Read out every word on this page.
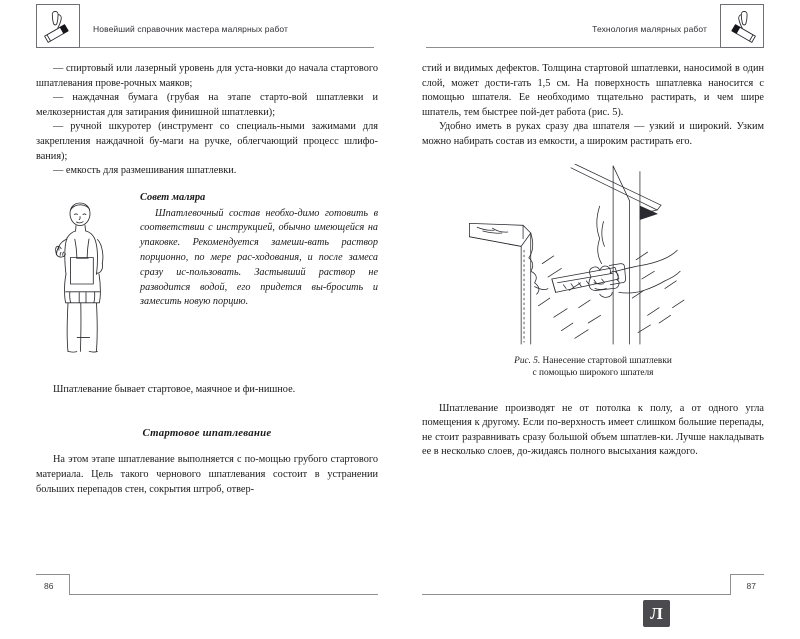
Новейший справочник мастера малярных работ

— спиртовый или лазерный уровень для уста-новки до начала стартового шпатлевания прове-рочных маяков;

— наждачная бумага (грубая на этапе старто-вой шпатлевки и мелкозернистая для затирания финишной шпатлевки);

— ручной шкуротер (инструмент со специаль-ными зажимами для закрепления наждачной бу-маги на ручке, облегчающий процесс шлифо-вания);

— емкость для размешивания шпатлевки.

Совет маляра

Шпатлевочный состав необхо-димо готовить в соответствии с инструкцией, обычно имеющейся на упаковке. Рекомендуется замеши-вать раствор порционно, по мере рас-ходования, и после замеса сразу ис-пользовать. Застывший раствор не разводится водой, его придется вы-бросить и замесить новую порцию.

Шпатлевание бывает стартовое, маячное и фи-нишное.

Стартовое шпатлевание

На этом этапе шпатлевание выполняется с по-мощью грубого стартового материала. Цель такого чернового шпатлевания состоит в устранении больших перепадов стен, сокрытия штроб, отвер-

86
Технология малярных работ

стий и видимых дефектов. Толщина стартовой шпатлевки, наносимой в один слой, может дости-гать 1,5 см. На поверхность шпатлевка наносится с помощью шпателя. Ее необходимо тщательно растирать, и чем шире шпатель, тем быстрее пой-дет работа (рис. 5).

Удобно иметь в руках сразу два шпателя — узкий и широкий. Узким можно набирать состав из емкости, а широким растирать его.

Рис. 5. Нанесение стартовой шпатлевки
с помощью широкого шпателя

Шпатлевание производят не от потолка к полу, а от одного угла помещения к другому. Если по-верхность имеет слишком большие перепады, не стоит разравнивать сразу большой объем шпатлев-ки. Лучше накладывать ее в несколько слоев, до-жидаясь полного высыхания каждого.

87
Л
